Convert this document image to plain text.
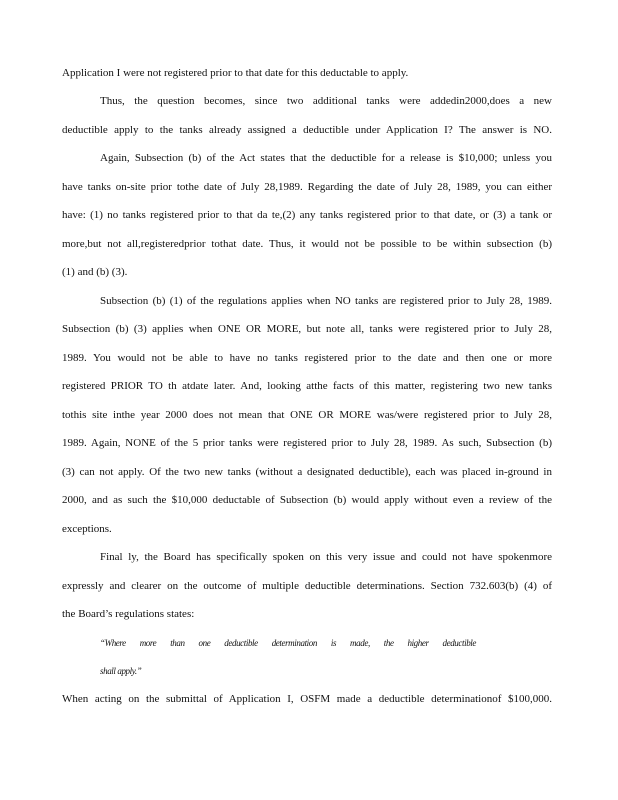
Application I were not registered prior to that date for this deductable to apply.
Thus, the question becomes, since two additional tanks were addedin2000,does a new
deductible apply to the tanks already assigned a deductible under Application I? The answer is NO.
Again, Subsection (b) of the Act states that the deductible for a release is $10,000; unless you
have tanks on-site prior tothe date of July 28,1989. Regarding the date of July 28, 1989, you can either
have: (1) no tanks registered prior to that da te,(2) any tanks registered prior to that date, or (3) a tank or
more,but not all,registeredprior tothat date. Thus, it would not be possible to be within subsection (b)
(1) and (b) (3).
Subsection (b) (1) of the regulations applies when NO tanks are registered prior to July 28, 1989.
Subsection (b) (3) applies when ONE OR MORE, but note all, tanks were registered prior to July 28,
1989. You would not be able to have no tanks registered prior to the date and then one or more
registered PRIOR TO th atdate later. And, looking atthe facts of this matter, registering two new tanks
tothis site inthe year 2000 does not mean that ONE OR MORE was/were registered prior to July 28,
1989. Again, NONE of the 5 prior tanks were registered prior to July 28, 1989. As such, Subsection (b)
(3) can not apply. Of the two new tanks (without a designated deductible), each was placed in-ground in
2000, and as such the $10,000 deductable of Subsection (b) would apply without even a review of the
exceptions.
Final ly, the Board has specifically spoken on this very issue and could not have spokenmore
expressly and clearer on the outcome of multiple deductible determinations. Section 732.603(b) (4) of
the Board’s regulations states:
“Where more than one deductible determination is made, the higher deductible
shall apply.”
When acting on the submittal of Application I, OSFM made a deductible determinationof $100,000.
